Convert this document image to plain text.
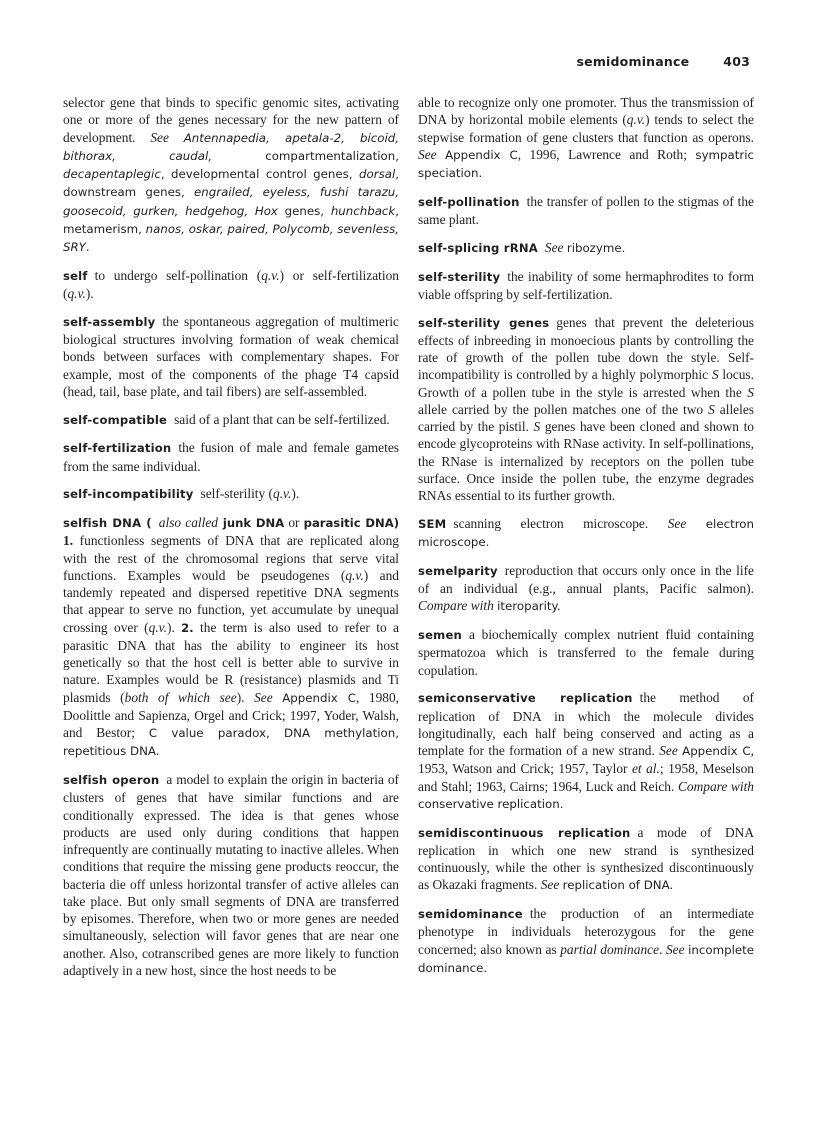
semidominance	403

selector gene that binds to specific genomic sites, activating one or more of the genes necessary for the new pattern of development. See Antennapedia, apetala-2, bicoid, bithorax, caudal, compartmentalization, decapentaplegic, developmental control genes, dorsal, downstream genes, engrailed, eyeless, fushi tarazu, goosecoid, gurken, hedgehog, Hox genes, hunchback, metamerism, nanos, oskar, paired, Polycomb, sevenless, SRY.

self to undergo self-pollination (q.v.) or self-fertilization (q.v.).

self-assembly the spontaneous aggregation of multimeric biological structures involving formation of weak chemical bonds between surfaces with complementary shapes. For example, most of the components of the phage T4 capsid (head, tail, base plate, and tail fibers) are self-assembled.

self-compatible said of a plant that can be self-fertilized.

self-fertilization the fusion of male and female gametes from the same individual.

self-incompatibility self-sterility (q.v.).

selfish DNA ( also called junk DNA or parasitic DNA) 1. functionless segments of DNA that are replicated along with the rest of the chromosomal regions that serve vital functions. Examples would be pseudogenes (q.v.) and tandemly repeated and dispersed repetitive DNA segments that appear to serve no function, yet accumulate by unequal crossing over (q.v.). 2. the term is also used to refer to a parasitic DNA that has the ability to engineer its host genetically so that the host cell is better able to survive in nature. Examples would be R (resistance) plasmids and Ti plasmids (both of which see). See Appendix C, 1980, Doolittle and Sapienza, Orgel and Crick; 1997, Yoder, Walsh, and Bestor; C value paradox, DNA methylation, repetitious DNA.

selfish operon a model to explain the origin in bacteria of clusters of genes that have similar functions and are conditionally expressed. The idea is that genes whose products are used only during conditions that happen infrequently are continually mutating to inactive alleles. When conditions that require the missing gene products reoccur, the bacteria die off unless horizontal transfer of active alleles can take place. But only small segments of DNA are transferred by episomes. Therefore, when two or more genes are needed simultaneously, selection will favor genes that are near one another. Also, cotranscribed genes are more likely to function adaptively in a new host, since the host needs to be

able to recognize only one promoter. Thus the transmission of DNA by horizontal mobile elements (q.v.) tends to select the stepwise formation of gene clusters that function as operons. See Appendix C, 1996, Lawrence and Roth; sympatric speciation.

self-pollination the transfer of pollen to the stigmas of the same plant.

self-splicing rRNA See ribozyme.

self-sterility the inability of some hermaphrodites to form viable offspring by self-fertilization.

self-sterility genes genes that prevent the deleterious effects of inbreeding in monoecious plants by controlling the rate of growth of the pollen tube down the style. Self-incompatibility is controlled by a highly polymorphic S locus. Growth of a pollen tube in the style is arrested when the S allele carried by the pollen matches one of the two S alleles carried by the pistil. S genes have been cloned and shown to encode glycoproteins with RNase activity. In self-pollinations, the RNase is internalized by receptors on the pollen tube surface. Once inside the pollen tube, the enzyme degrades RNAs essential to its further growth.

SEM scanning electron microscope. See electron microscope.

semelparity reproduction that occurs only once in the life of an individual (e.g., annual plants, Pacific salmon). Compare with iteroparity.

semen a biochemically complex nutrient fluid containing spermatozoa which is transferred to the female during copulation.

semiconservative replication the method of replication of DNA in which the molecule divides longitudinally, each half being conserved and acting as a template for the formation of a new strand. See Appendix C, 1953, Watson and Crick; 1957, Taylor et al.; 1958, Meselson and Stahl; 1963, Cairns; 1964, Luck and Reich. Compare with conservative replication.

semidiscontinuous replication a mode of DNA replication in which one new strand is synthesized continuously, while the other is synthesized discontinuously as Okazaki fragments. See replication of DNA.

semidominance the production of an intermediate phenotype in individuals heterozygous for the gene concerned; also known as partial dominance. See incomplete dominance.
